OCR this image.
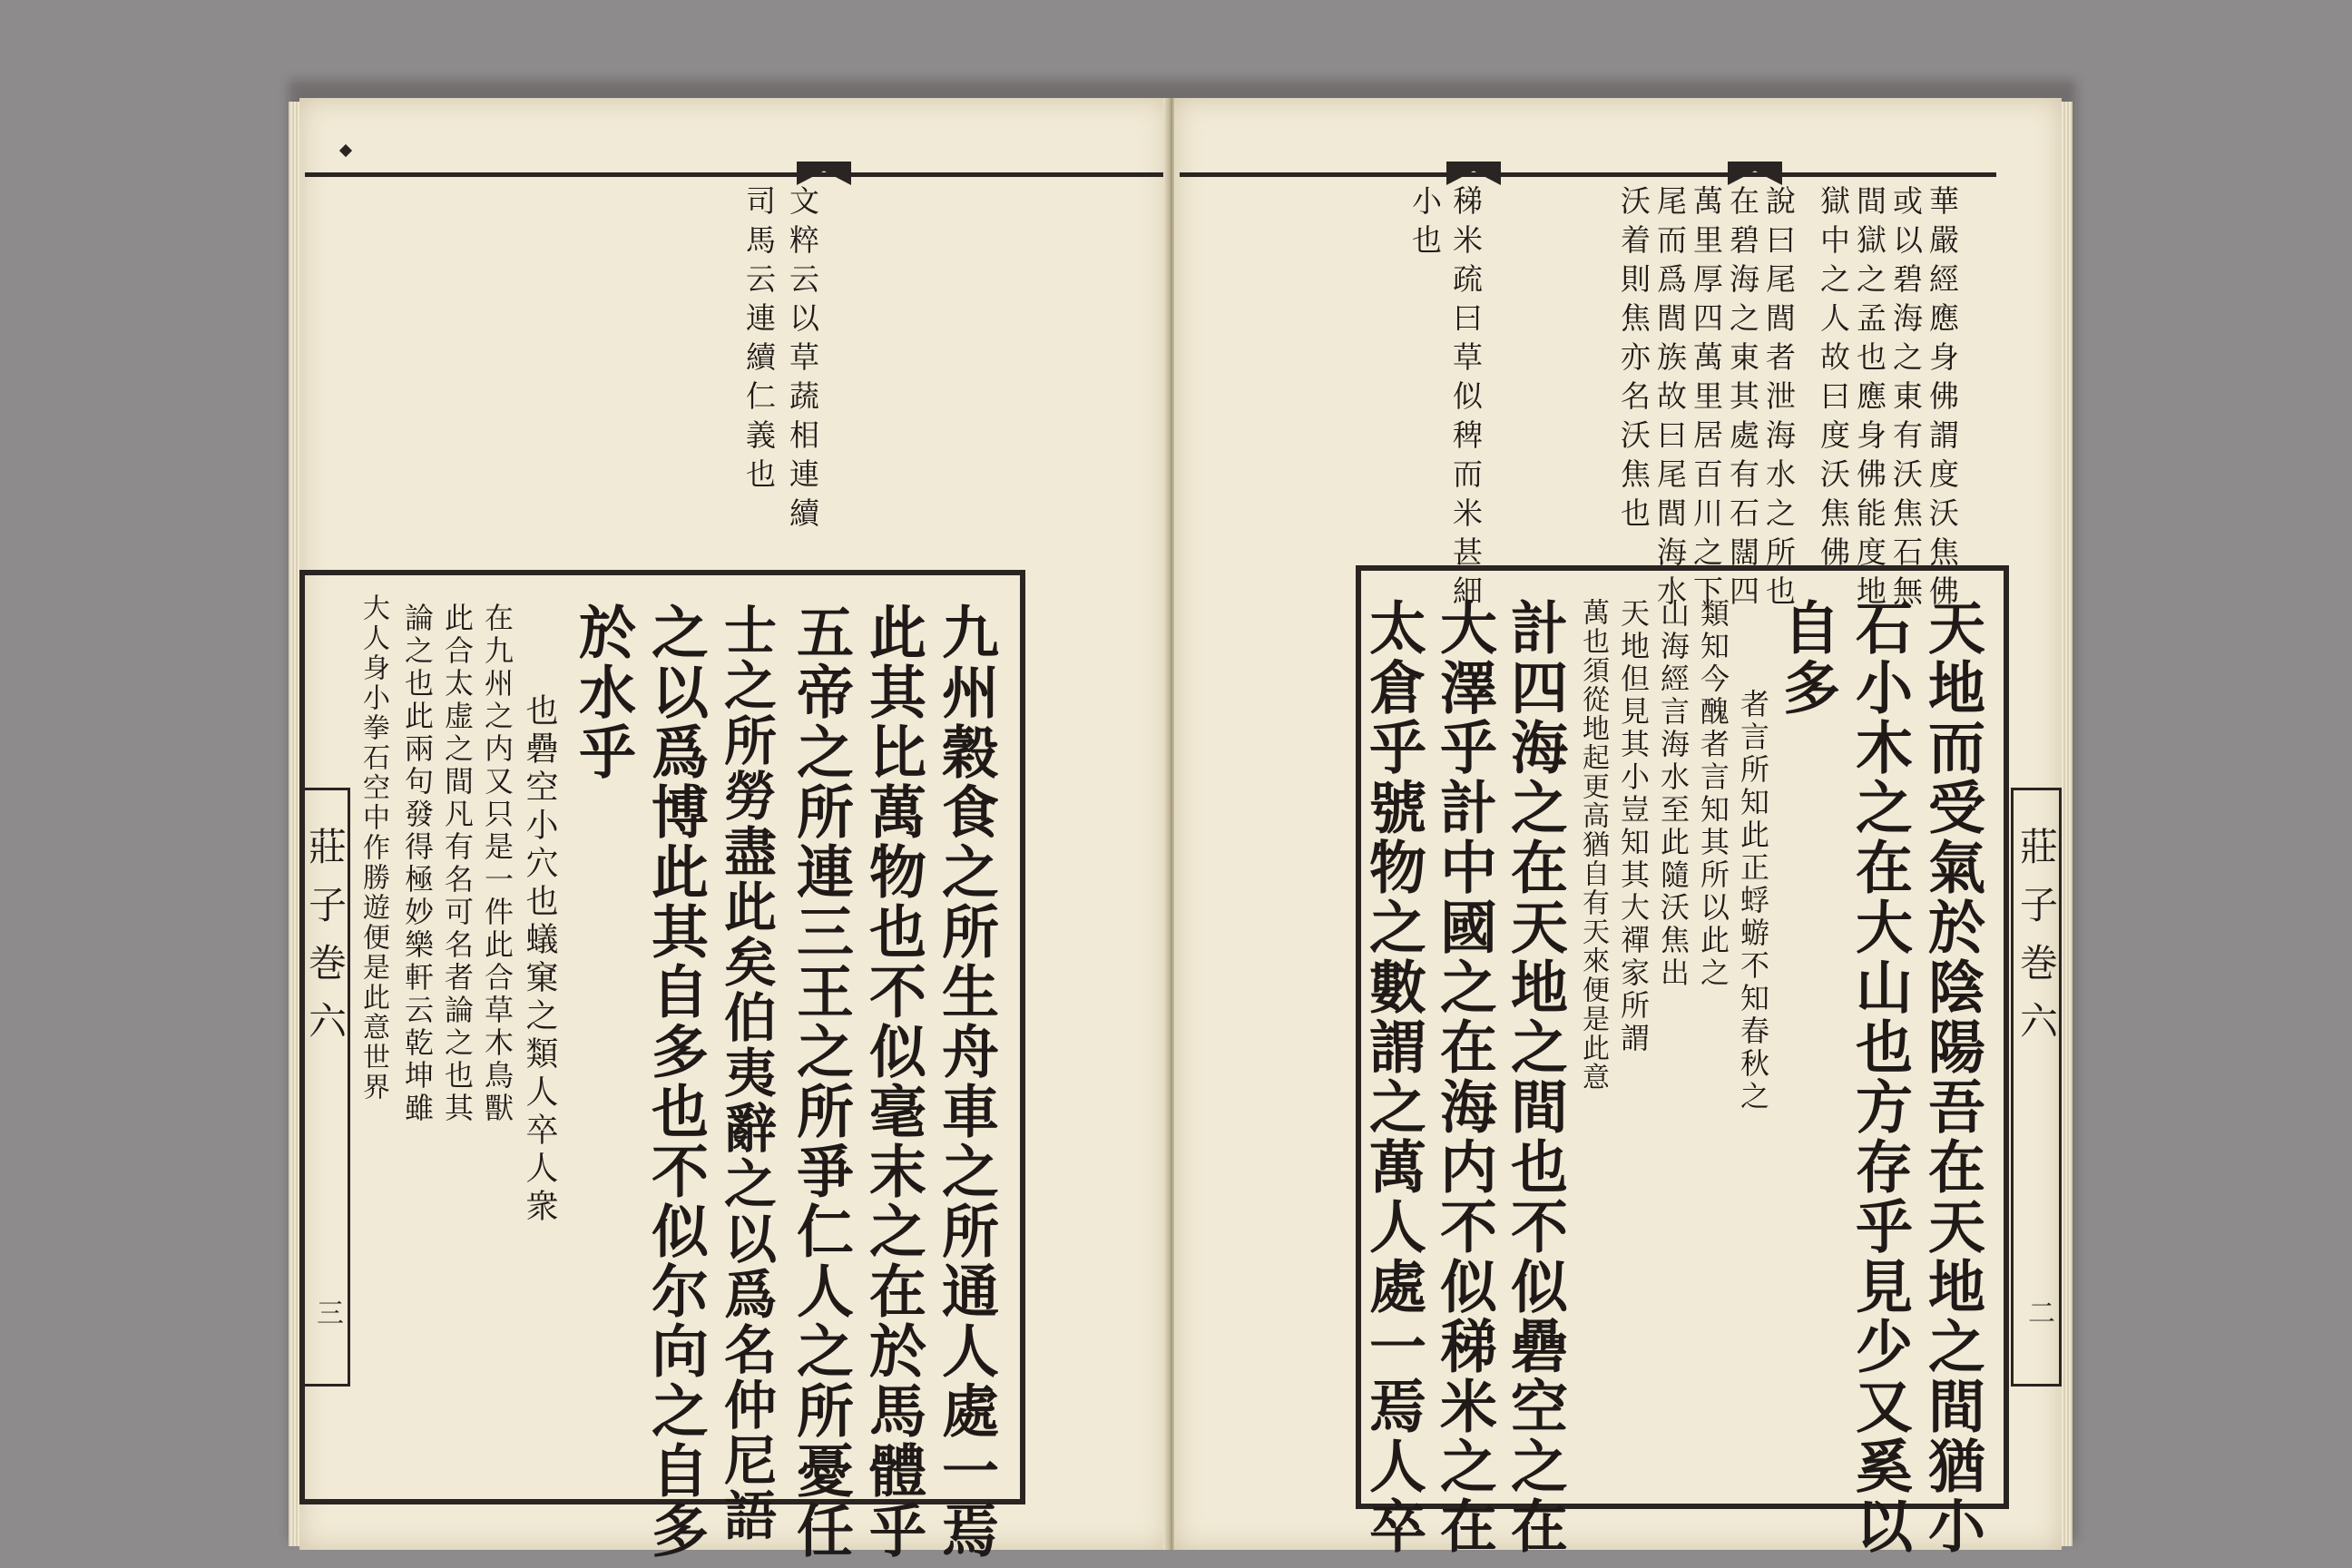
文粹云以草蔬相連續
司馬云連續仁義也
九州穀食之所生舟車之所通人處一焉
此其比萬物也不似毫末之在於馬體乎
五帝之所連三王之所爭仁人之所憂任
士之所勞盡此矣伯夷辭之以爲名仲尼語
之以爲博此其自多也不似尔向之自多
於水乎
也礨空小穴也蟻窠之類人卒人衆
在九州之内又只是一件此合草木鳥獸
此合太虚之間凡有名可名者論之也其
論之也此兩句發得極妙樂軒云乾坤雖
大人身小拳石空中作勝遊便是此意世界
莊子巻六
三
華嚴經應身佛謂度沃焦佛
或以碧海之東有沃焦石無
間獄之孟也應身佛能度地
獄中之人故曰度沃焦佛
說曰尾閭者泄海水之所也
在碧海之東其處有石闊四
萬里厚四萬里居百川之下
尾而爲閭族故曰尾閭海水
沃着則焦亦名沃焦也
稊米疏曰草似稗而米甚細
小也
天地而受氣於陰陽吾在天地之間猶小
石小木之在大山也方存乎見少又奚以
自多
者言所知此正蜉蝣不知春秋之
類知今醜者言知其所以此之
山海經言海水至此隨沃焦出
天地但見其小豈知其大禪家所謂
萬也須從地起更高猶自有天來便是此意
計四海之在天地之間也不似礨空之在
大澤乎計中國之在海内不似稊米之在
太倉乎號物之數謂之萬人處一焉人卒	莊子巻六
二
